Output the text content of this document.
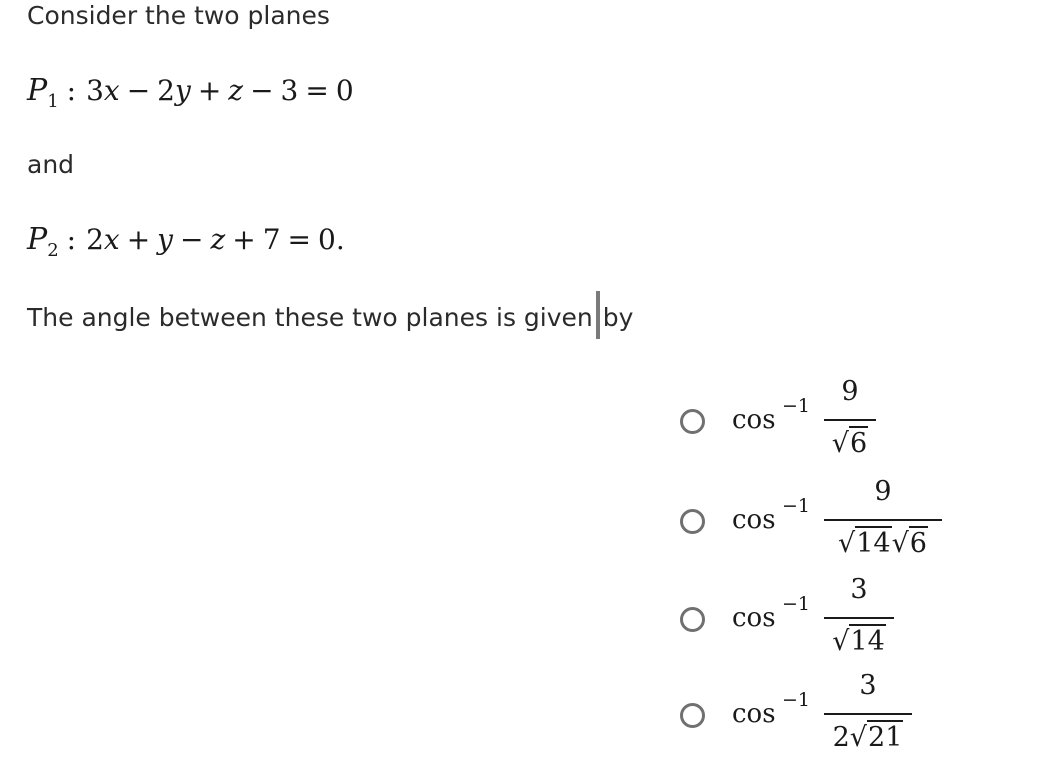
Consider the two planes
$P_1$ : 3x − 2y + z − 3 = 0
and
$P_2$ : 2x + y − z + 7 = 0.
The angle between these two planes is given by
cos −1	9
√6
cos −1	9
√14√6
cos −1	3
√14
cos −1	3
2√21
